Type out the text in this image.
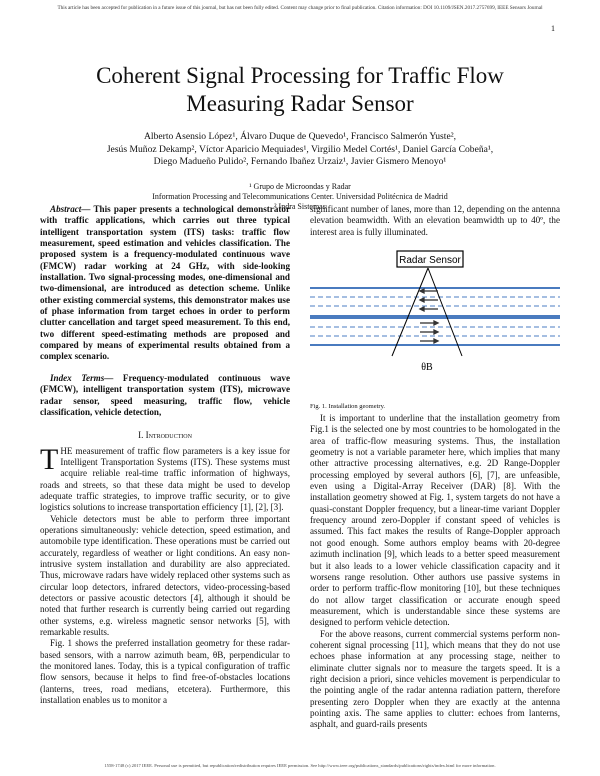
This article has been accepted for publication in a future issue of this journal, but has not been fully edited. Content may change prior to final publication. Citation information: DOI 10.1109/JSEN.2017.2757699, IEEE Sensors Journal
1
Coherent Signal Processing for Traffic Flow Measuring Radar Sensor
Alberto Asensio López¹, Álvaro Duque de Quevedo¹, Francisco Salmerón Yuste²,
Jesús Muñoz Dekamp², Víctor Aparicio Mequiades¹, Virgilio Medel Cortés¹, Daniel García Cobeña¹,
Diego Madueño Pulido², Fernando Ibañez Urzaiz¹, Javier Gismero Menoyo¹
¹ Grupo de Microondas y Radar
Information Processing and Telecommunications Center. Universidad Politécnica de Madrid
² Indra Sistemas

Abstract— This paper presents a technological demonstrator with traffic applications, which carries out three typical intelligent transportation system (ITS) tasks: traffic flow measurement, speed estimation and vehicles classification. The proposed system is a frequency-modulated continuous wave (FMCW) radar working at 24 GHz, with side-looking installation. Two signal-processing modes, one-dimensional and two-dimensional, are introduced as detection scheme. Unlike other existing commercial systems, this demonstrator makes use of phase information from target echoes in order to perform clutter cancellation and target speed measurement. To this end, two different speed-estimating methods are proposed and compared by means of experimental results obtained from a complex scenario.

Index Terms— Frequency-modulated continuous wave (FMCW), intelligent transportation system (ITS), microwave radar sensor, speed measuring, traffic flow, vehicle classification, vehicle detection,

I. Introduction

THE measurement of traffic flow parameters is a key issue for Intelligent Transportation Systems (ITS). These systems must acquire reliable real-time traffic information of highways, roads and streets, so that these data might be used to develop adequate traffic strategies, to improve traffic security, or to give logistics solutions to increase transportation efficiency [1], [2], [3].

Vehicle detectors must be able to perform three important operations simultaneously: vehicle detection, speed estimation, and automobile type identification. These operations must be carried out accurately, regardless of weather or light conditions. An easy non-intrusive system installation and durability are also appreciated. Thus, microwave radars have widely replaced other systems such as circular loop detectors, infrared detectors, video-processing-based detectors or passive acoustic detectors [4], although it should be noted that further research is currently being carried out regarding other systems, e.g. wireless magnetic sensor networks [5], with remarkable results.

Fig. 1 shows the preferred installation geometry for these radar-based sensors, with a narrow azimuth beam, θB, perpendicular to the monitored lanes. Today, this is a typical configuration of traffic flow sensors, because it helps to find free-of-obstacles locations (lanterns, trees, road medians, etcetera). Furthermore, this installation enables us to monitor a

significant number of lanes, more than 12, depending on the antenna elevation beamwidth. With an elevation beamwidth up to 40º, the interest area is fully illuminated.

Radar Sensor
θB

Fig. 1. Installation geometry.

It is important to underline that the installation geometry from Fig.1 is the selected one by most countries to be homologated in the area of traffic-flow measuring systems. Thus, the installation geometry is not a variable parameter here, which implies that many other attractive processing alternatives, e.g. 2D Range-Doppler processing employed by several authors [6], [7], are unfeasible, even using a Digital-Array Receiver (DAR) [8]. With the installation geometry showed at Fig. 1, system targets do not have a quasi-constant Doppler frequency, but a linear-time variant Doppler frequency around zero-Doppler if constant speed of vehicles is assumed. This fact makes the results of Range-Doppler approach not good enough. Some authors employ beams with 20-degree azimuth inclination [9], which leads to a better speed measurement but it also leads to a lower vehicle classification capacity and it worsens range resolution. Other authors use passive systems in order to perform traffic-flow monitoring [10], but these techniques do not allow target classification or accurate enough speed measurement, which is understandable since these systems are designed to perform vehicle detection.

For the above reasons, current commercial systems perform non-coherent signal processing [11], which means that they do not use echoes phase information at any processing stage, neither to eliminate clutter signals nor to measure the targets speed. It is a right decision a priori, since vehicles movement is perpendicular to the pointing angle of the radar antenna radiation pattern, therefore presenting zero Doppler when they are exactly at the antenna pointing axis. The same applies to clutter: echoes from lanterns, asphalt, and guard-rails presents

1558-1748 (c) 2017 IEEE. Personal use is permitted, but republication/redistribution requires IEEE permission. See http://www.ieee.org/publications_standards/publications/rights/index.html for more information.
